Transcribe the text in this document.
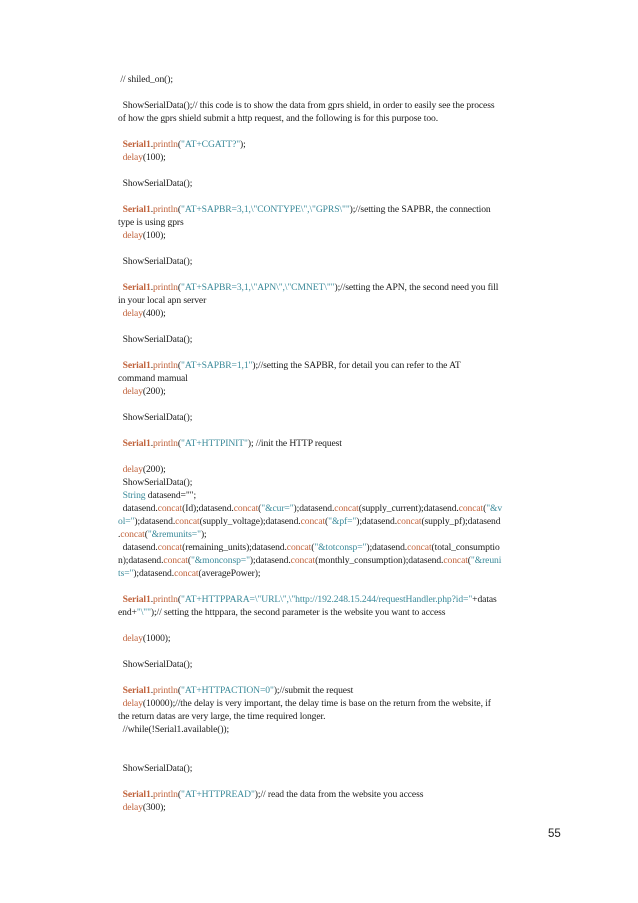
// shiled_on();
ShowSerialData();// this code is to show the data from gprs shield, in order to easily see the process
of how the gprs shield submit a http request, and the following is for this purpose too.
Serial1.println("AT+CGATT?");
delay(100);
ShowSerialData();
Serial1.println("AT+SAPBR=3,1,\"CONTYPE\",\"GPRS\"");//setting the SAPBR, the connection
type is using gprs
delay(100);
ShowSerialData();
Serial1.println("AT+SAPBR=3,1,\"APN\",\"CMNET\"");//setting the APN, the second need you fill
in your local apn server
delay(400);
ShowSerialData();
Serial1.println("AT+SAPBR=1,1");//setting the SAPBR, for detail you can refer to the AT
command mamual
delay(200);
ShowSerialData();
Serial1.println("AT+HTTPINIT"); //init the HTTP request
delay(200);
ShowSerialData();
String datasend="";
datasend.concat(Id);datasend.concat("&cur=");datasend.concat(supply_current);datasend.concat("&v
ol=");datasend.concat(supply_voltage);datasend.concat("&pf=");datasend.concat(supply_pf);datasend
.concat("&remunits=");
datasend.concat(remaining_units);datasend.concat("&totconsp=");datasend.concat(total_consumptio
n);datasend.concat("&monconsp=");datasend.concat(monthly_consumption);datasend.concat("&reuni
ts=");datasend.concat(averagePower);
Serial1.println("AT+HTTPPARA=\"URL\",\"http://192.248.15.244/requestHandler.php?id="+datas
end+"\"");// setting the httppara, the second parameter is the website you want to access
delay(1000);
ShowSerialData();
Serial1.println("AT+HTTPACTION=0");//submit the request
delay(10000);//the delay is very important, the delay time is base on the return from the website, if
the return datas are very large, the time required longer.
//while(!Serial1.available());
ShowSerialData();
Serial1.println("AT+HTTPREAD");// read the data from the website you access
delay(300);
55
